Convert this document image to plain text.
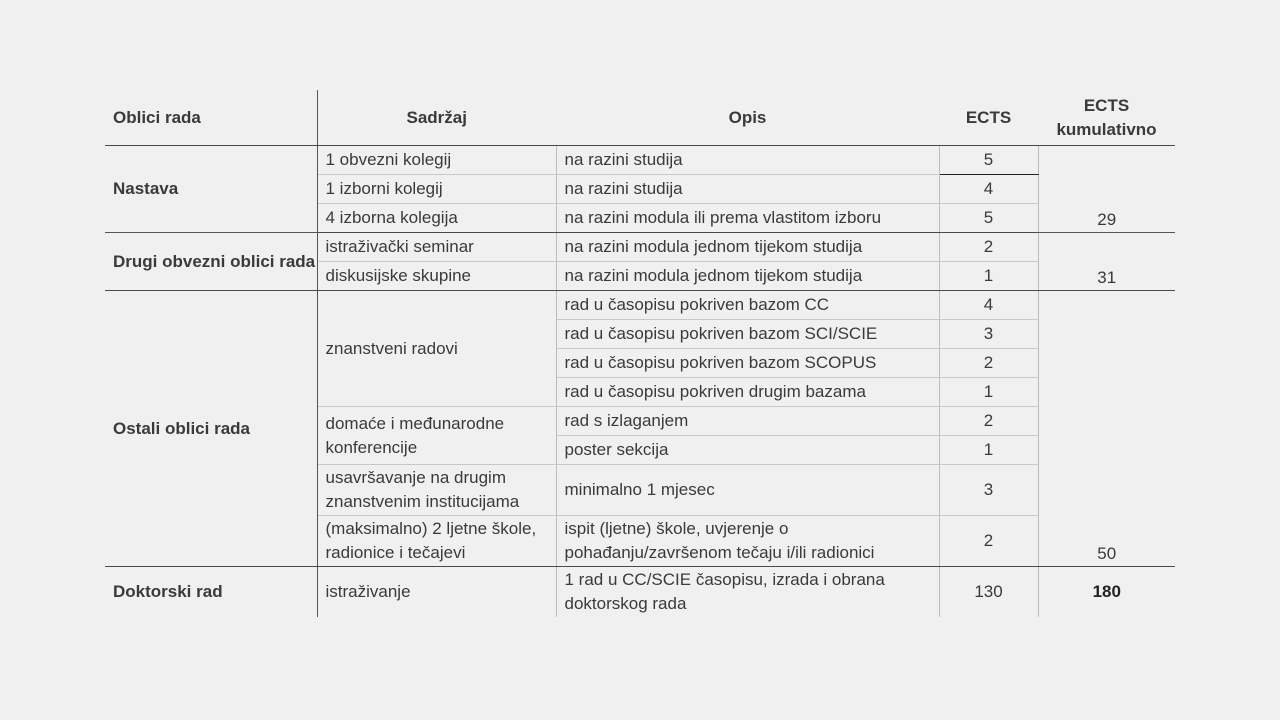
Oblici rada	Sadržaj	Opis	ECTS	ECTS
kumulativno

Nastava	1 obvezni kolegij	na razini studija	5	29
	1 izborni kolegij	na razini studija	4	
	4 izborna kolegija	na razini modula ili prema vlastitom izboru	5	
Drugi obvezni oblici rada	istraživački seminar	na razini modula jednom tijekom studija	2	31
	diskusijske skupine	na razini modula jednom tijekom studija	1	
Ostali oblici rada	znanstveni radovi	rad u časopisu pokriven bazom CC	4	50
		rad u časopisu pokriven bazom SCI/SCIE	3	
		rad u časopisu pokriven bazom SCOPUS	2	
		rad u časopisu pokriven drugim bazama	1	
	domaće i međunarodne konferencije	rad s izlaganjem	2	
		poster sekcija	1	
	usavršavanje na drugim znanstvenim institucijama	minimalno 1 mjesec	3	
	(maksimalno) 2 ljetne škole, radionice i tečajevi	ispit (ljetne) škole, uvjerenje o pohađanju/završenom tečaju i/ili radionici	2	
Doktorski rad	istraživanje	1 rad u CC/SCIE časopisu, izrada i obrana doktorskog rada	130	180
